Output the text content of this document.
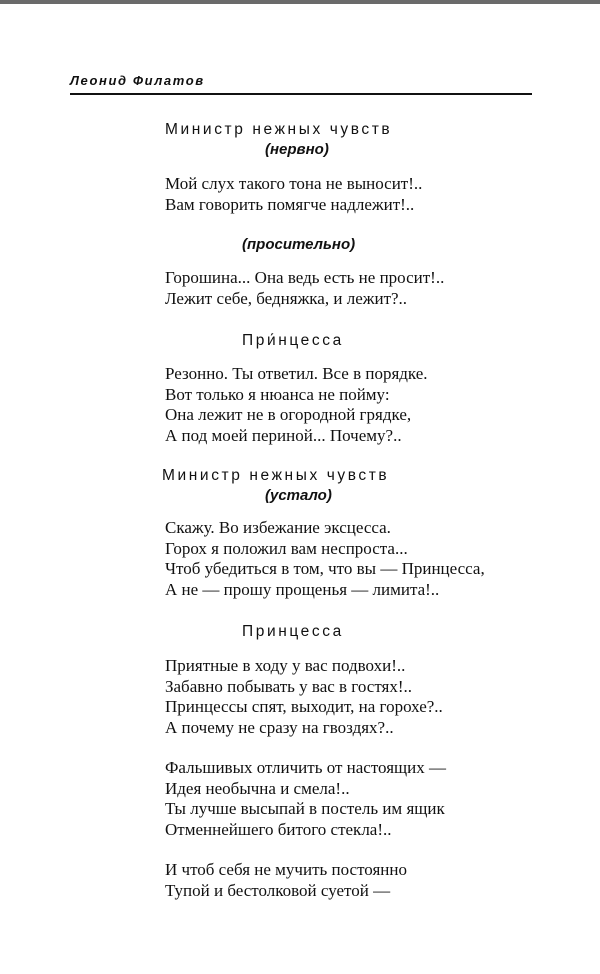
Леонид Филатов
Министр нежных чувств
(нервно)
Мой слух такого тона не выносит!..
Вам говорить помягче надлежит!..
(просительно)
Горошина... Она ведь есть не просит!..
Лежит себе, бедняжка, и лежит?..
При́нцесса
Резонно. Ты ответил. Все в порядке.
Вот только я нюанса не пойму:
Она лежит не в огородной грядке,
А под моей периной... Почему?..
Министр нежных чувств
(устало)
Скажу. Во избежание эксцесса.
Горох я положил вам неспроста...
Чтоб убедиться в том, что вы — Принцесса,
А не — прошу прощенья — лимита!..
Принцесса
Приятные в ходу у вас подвохи!..
Забавно побывать у вас в гостях!..
Принцессы спят, выходит, на горохе?..
А почему не сразу на гвоздях?..
Фальшивых отличить от настоящих —
Идея необычна и смела!..
Ты лучше высыпай в постель им ящик
Отменнейшего битого стекла!..
И чтоб себя не мучить постоянно
Тупой и бестолковой суетой —
